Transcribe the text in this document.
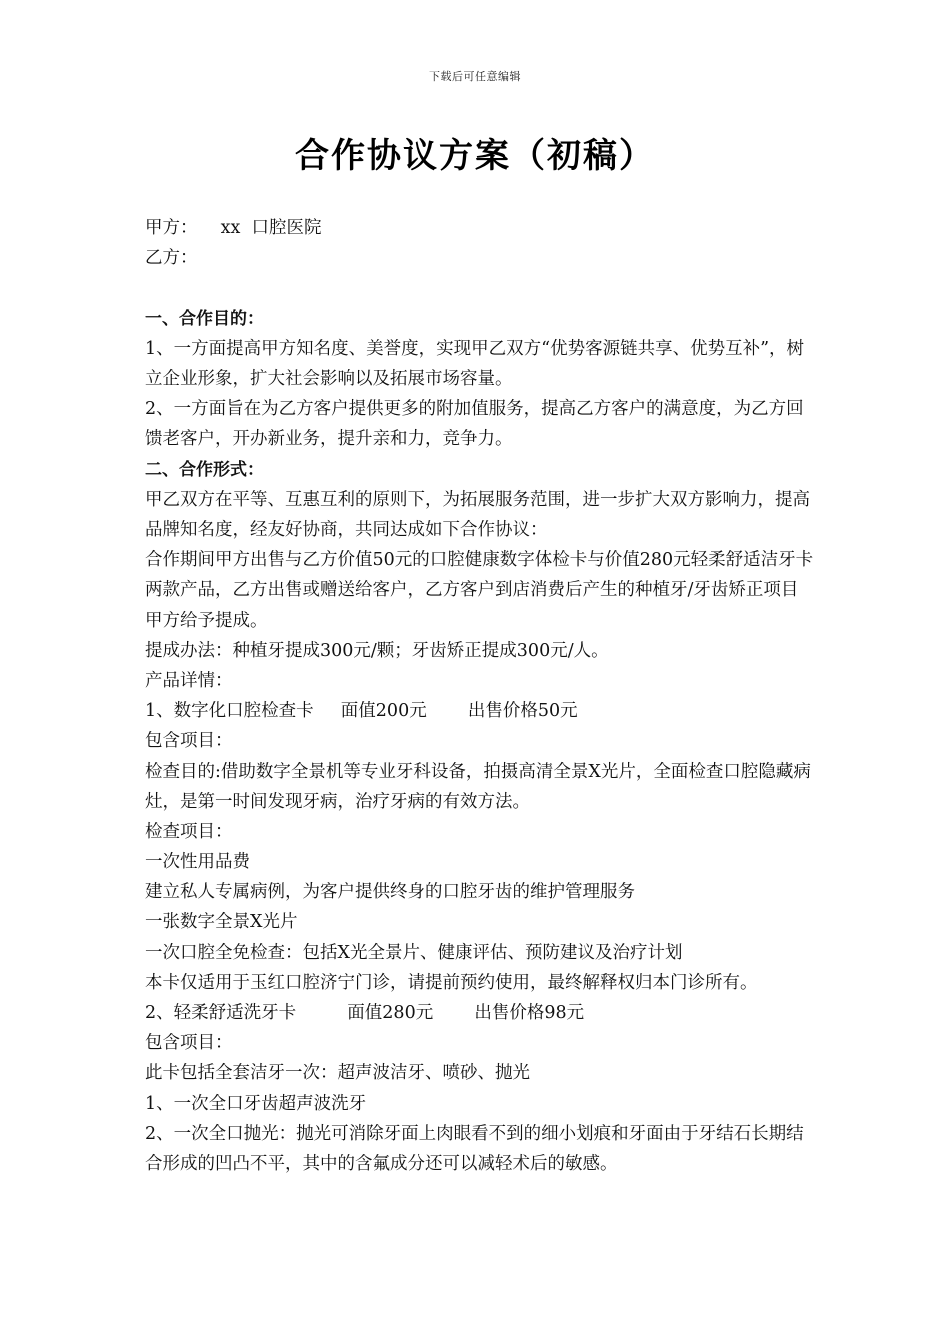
下载后可任意编辑
合作协议方案（初稿）
甲方： xx  口腔医院
乙方：
一、合作目的：
1、一方面提高甲方知名度、美誉度，实现甲乙双方“优势客源链共享、优势互补”，树立企业形象，扩大社会影响以及拓展市场容量。
2、一方面旨在为乙方客户提供更多的附加值服务，提高乙方客户的满意度，为乙方回馈老客户，开办新业务，提升亲和力，竞争力。
二、合作形式：
甲乙双方在平等、互惠互利的原则下，为拓展服务范围，进一步扩大双方影响力，提高品牌知名度，经友好协商，共同达成如下合作协议：
合作期间甲方出售与乙方价值50元的口腔健康数字体检卡与价值280元轻柔舒适洁牙卡两款产品，乙方出售或赠送给客户，乙方客户到店消费后产生的种植牙/牙齿矫正项目甲方给予提成。
提成办法：种植牙提成300元/颗；牙齿矫正提成300元/人。
产品详情：
1、数字化口腔检查卡 面值200元 出售价格50元
包含项目：
检查目的:借助数字全景机等专业牙科设备，拍摄高清全景X光片，全面检查口腔隐藏病灶，是第一时间发现牙病，治疗牙病的有效方法。
检查项目：
一次性用品费
建立私人专属病例，为客户提供终身的口腔牙齿的维护管理服务
一张数字全景X光片
一次口腔全免检查：包括X光全景片、健康评估、预防建议及治疗计划
本卡仅适用于玉红口腔济宁门诊，请提前预约使用，最终解释权归本门诊所有。
2、轻柔舒适洗牙卡	面值280元 出售价格98元
包含项目：
此卡包括全套洁牙一次：超声波洁牙、喷砂、抛光
1、一次全口牙齿超声波洗牙
2、一次全口抛光：抛光可消除牙面上肉眼看不到的细小划痕和牙面由于牙结石长期结合形成的凹凸不平，其中的含氟成分还可以减轻术后的敏感。
